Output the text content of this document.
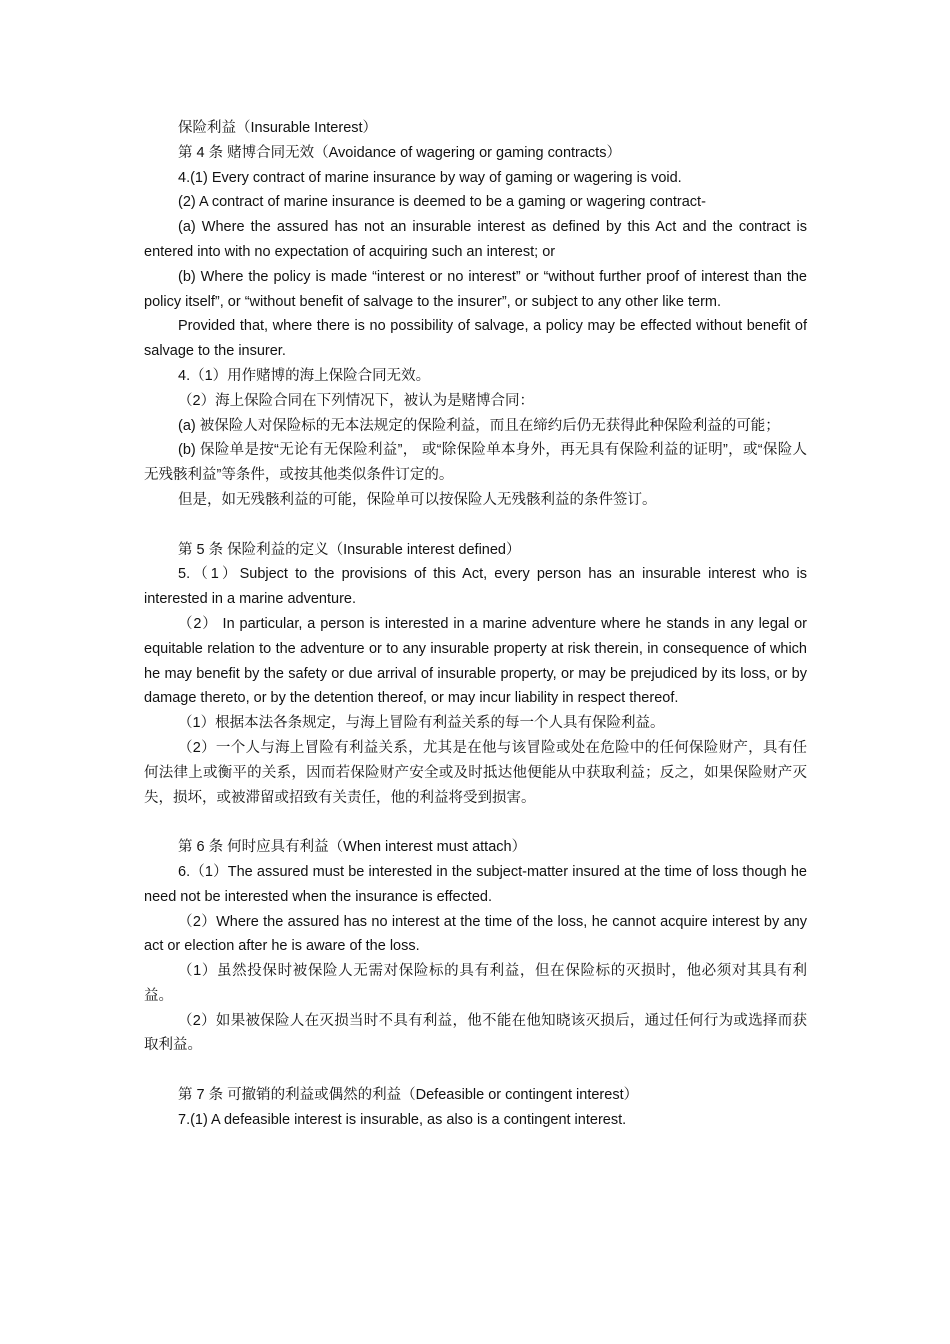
保险利益（Insurable Interest）

第 4 条 赌博合同无效（Avoidance of wagering or gaming contracts）

4.(1) Every contract of marine insurance by way of gaming or wagering is void.

(2) A contract of marine insurance is deemed to be a gaming or wagering contract-

(a) Where the assured has not an insurable interest as defined by this Act and the contract is entered into with no expectation of acquiring such an interest; or

(b) Where the policy is made “interest or no interest” or “without further proof of interest than the policy itself”, or “without benefit of salvage to the insurer”, or subject to any other like term.

Provided that, where there is no possibility of salvage, a policy may be effected without benefit of salvage to the insurer.

4.（1）用作赌博的海上保险合同无效。

（2）海上保险合同在下列情况下，被认为是赌博合同：

(a) 被保险人对保险标的无本法规定的保险利益，而且在缔约后仍无获得此种保险利益的可能；

(b) 保险单是按“无论有无保险利益”， 或“除保险单本身外，再无具有保险利益的证明”，或“保险人无残骸利益”等条件，或按其他类似条件订定的。

但是，如无残骸利益的可能，保险单可以按保险人无残骸利益的条件签订。

第 5 条 保险利益的定义（Insurable interest defined）

5.（1）Subject to the provisions of this Act, every person has an insurable interest who is interested in a marine adventure.

（2） In particular, a person is interested in a marine adventure where he stands in any legal or equitable relation to the adventure or to any insurable property at risk therein, in consequence of which he may benefit by the safety or due arrival of insurable property, or may be prejudiced by its loss, or by damage thereto, or by the detention thereof, or may incur liability in respect thereof.

（1）根据本法各条规定，与海上冒险有利益关系的每一个人具有保险利益。

（2）一个人与海上冒险有利益关系，尤其是在他与该冒险或处在危险中的任何保险财产，具有任何法律上或衡平的关系，因而若保险财产安全或及时抵达他便能从中获取利益；反之，如果保险财产灭失，损坏，或被滞留或招致有关责任，他的利益将受到损害。

第 6 条 何时应具有利益（When interest must attach）

6.（1）The assured must be interested in the subject-matter insured at the time of loss though he need not be interested when the insurance is effected.

（2）Where the assured has no interest at the time of the loss, he cannot acquire interest by any act or election after he is aware of the loss.

（1）虽然投保时被保险人无需对保险标的具有利益，但在保险标的灭损时，他必须对其具有利益。

（2）如果被保险人在灭损当时不具有利益，他不能在他知晓该灭损后，通过任何行为或选择而获取利益。

第 7 条 可撤销的利益或偶然的利益（Defeasible or contingent interest）

7.(1) A defeasible interest is insurable, as also is a contingent interest.
